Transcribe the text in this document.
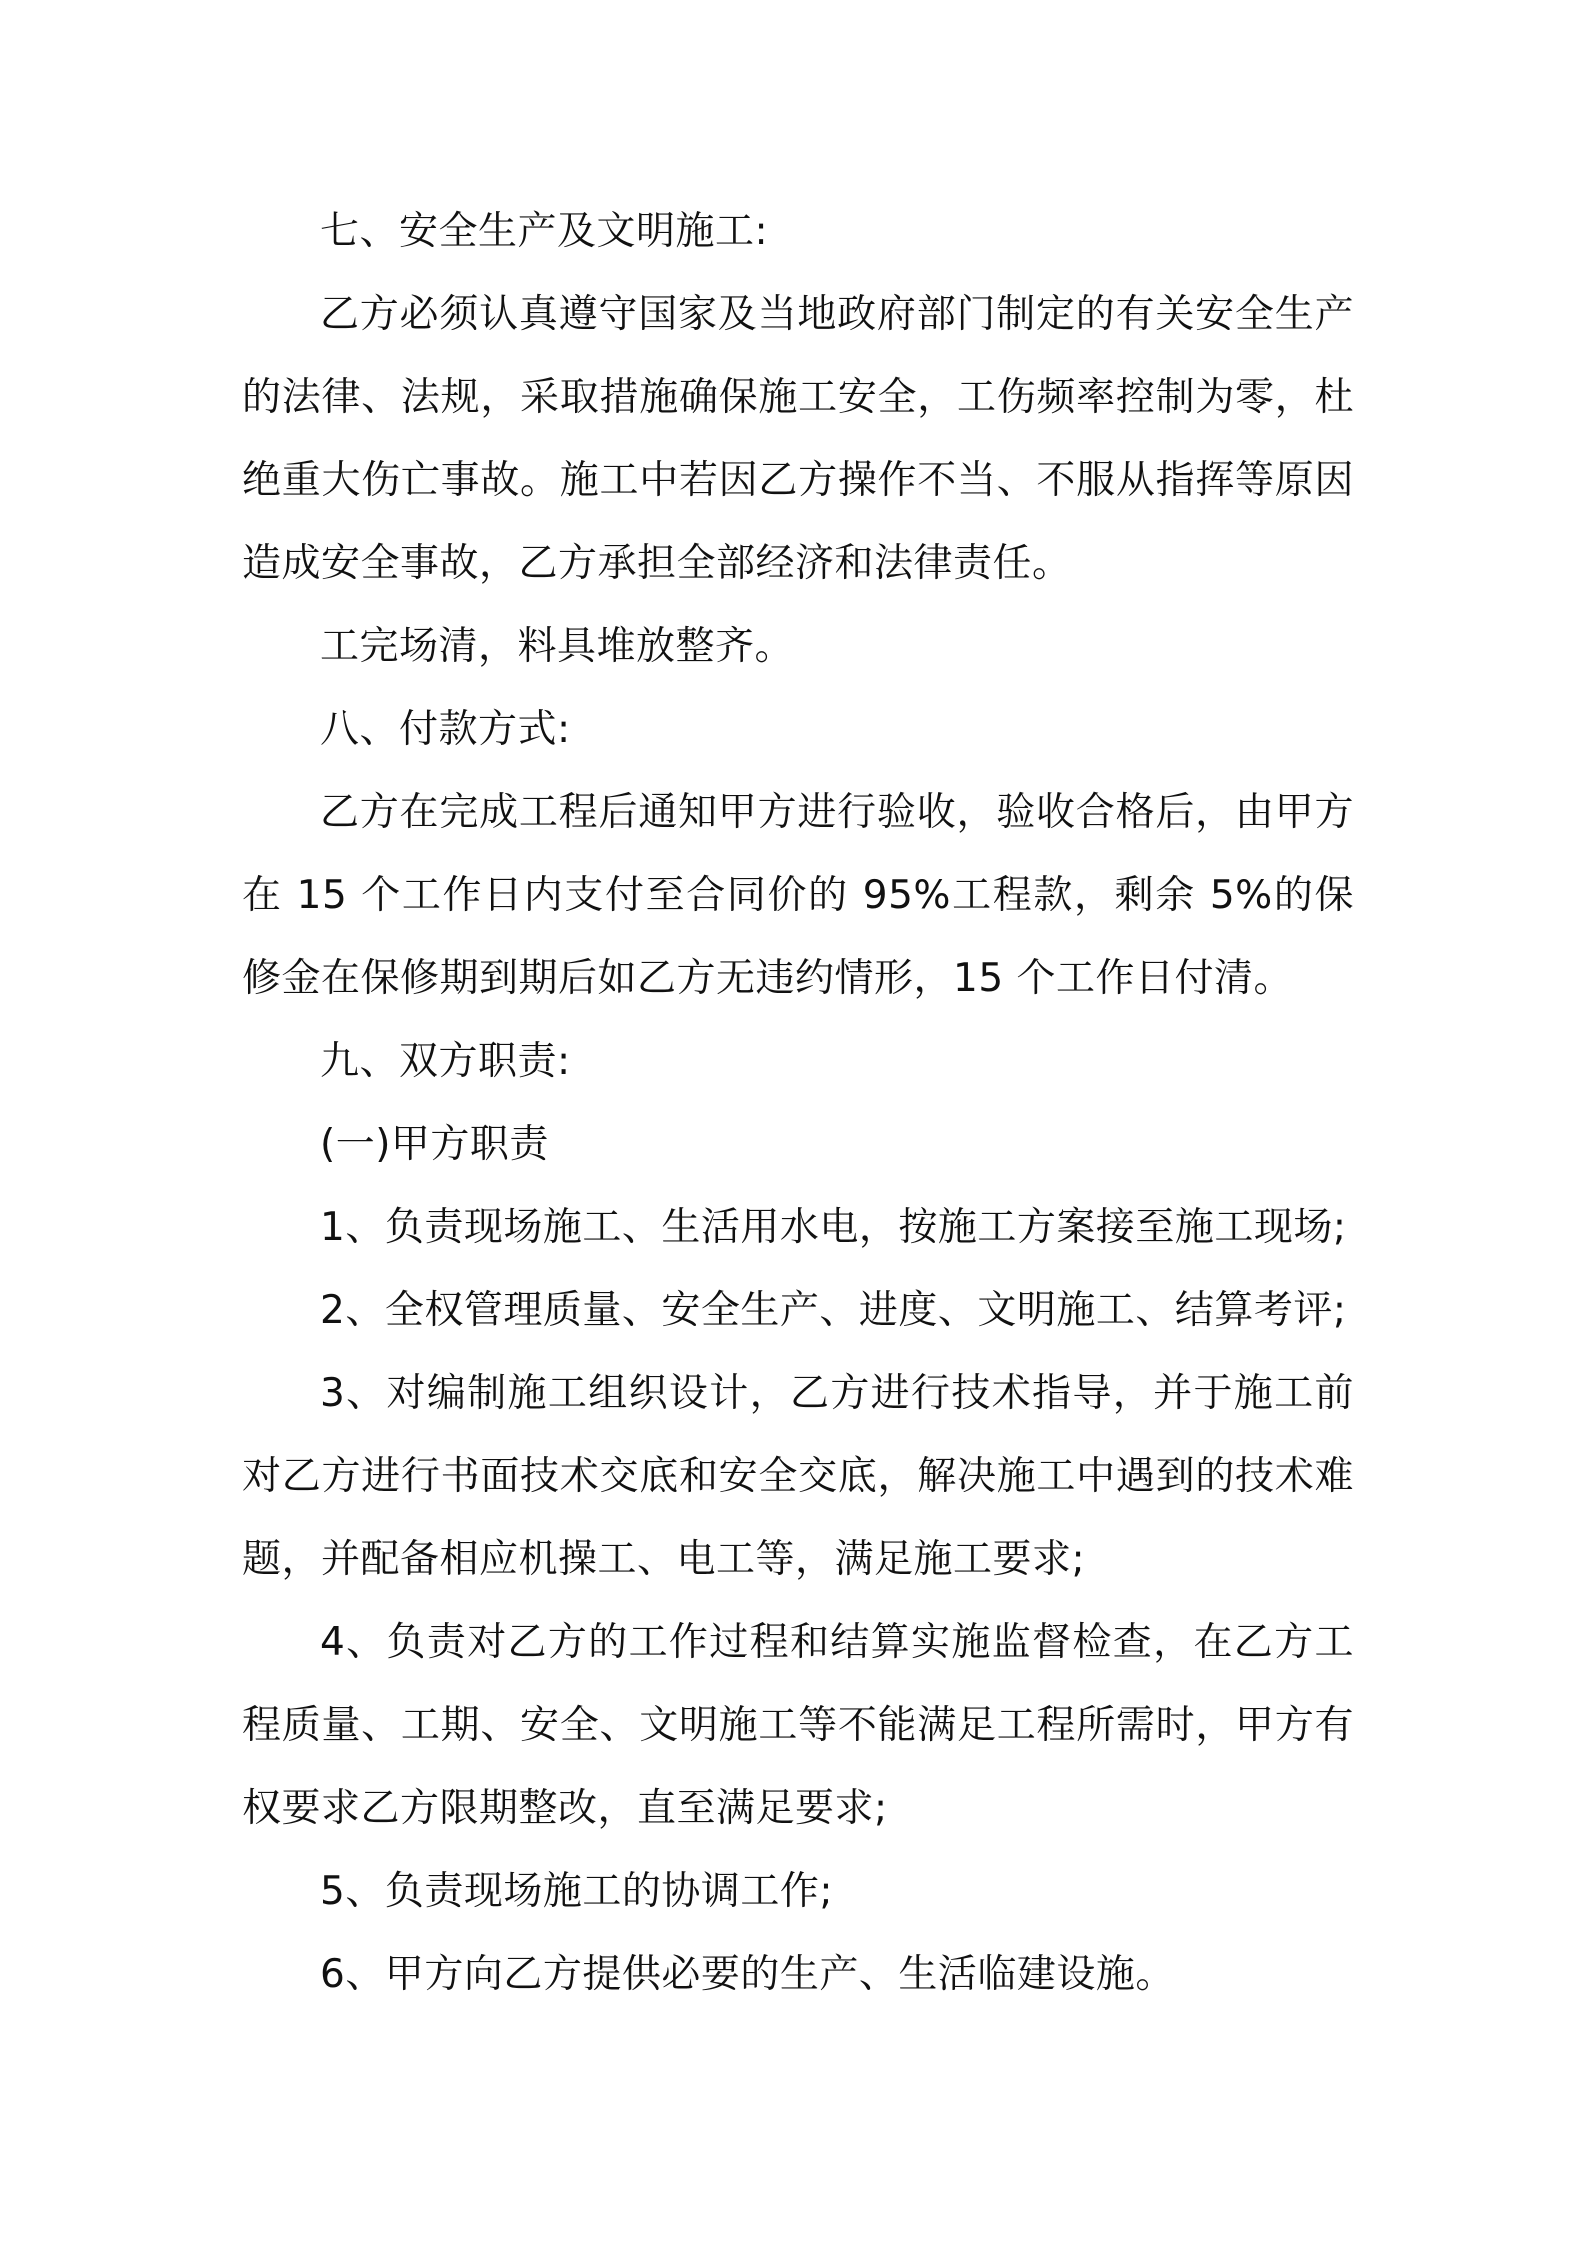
七、安全生产及文明施工:

乙方必须认真遵守国家及当地政府部门制定的有关安全生产的法律、法规，采取措施确保施工安全，工伤频率控制为零，杜绝重大伤亡事故。施工中若因乙方操作不当、不服从指挥等原因造成安全事故，乙方承担全部经济和法律责任。

工完场清，料具堆放整齐。

八、付款方式:

乙方在完成工程后通知甲方进行验收，验收合格后，由甲方在 15 个工作日内支付至合同价的 95%工程款，剩余 5%的保修金在保修期到期后如乙方无违约情形，15 个工作日付清。

九、双方职责:

(一)甲方职责

1、负责现场施工、生活用水电，按施工方案接至施工现场;

2、全权管理质量、安全生产、进度、文明施工、结算考评;

3、对编制施工组织设计，乙方进行技术指导，并于施工前对乙方进行书面技术交底和安全交底，解决施工中遇到的技术难题，并配备相应机操工、电工等，满足施工要求;

4、负责对乙方的工作过程和结算实施监督检查，在乙方工程质量、工期、安全、文明施工等不能满足工程所需时，甲方有权要求乙方限期整改，直至满足要求;

5、负责现场施工的协调工作;

6、甲方向乙方提供必要的生产、生活临建设施。
